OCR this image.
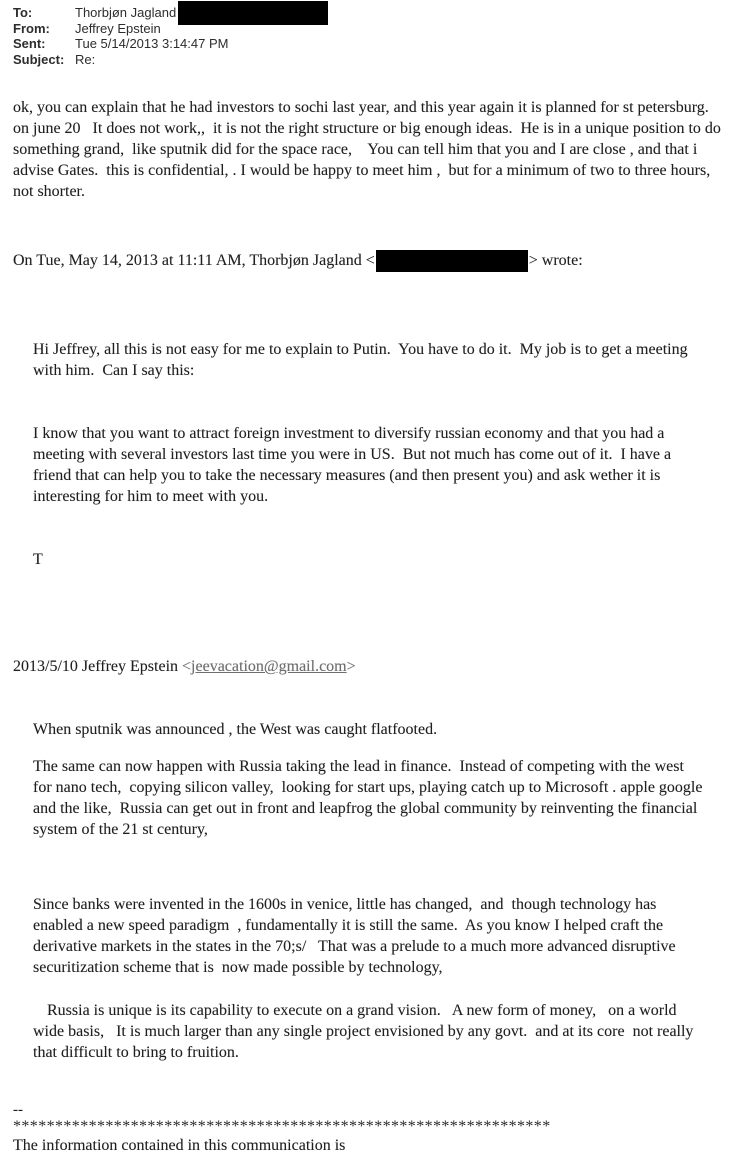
To:	Thorbjøn Jagland
From:	Jeffrey Epstein
Sent:	Tue 5/14/2013 3:14:47 PM
Subject: Re:
ok, you can explain that he had investors to sochi last year, and this year again it is planned for st petersburg.  on june 20   It does not work,,  it is not the right structure or big enough ideas.  He is in a unique position to do something grand,  like sputnik did for the space race,    You can tell him that you and I are close , and that i advise Gates.  this is confidential, . I would be happy to meet him ,  but for a minimum of two to three hours,  not shorter.
On Tue, May 14, 2013 at 11:11 AM, Thorbjøn Jagland <	> wrote:

Hi Jeffrey, all this is not easy for me to explain to Putin.  You have to do it.  My job is to get a meeting with him.  Can I say this:

I know that you want to attract foreign investment to diversify russian economy and that you had a meeting with several investors last time you were in US.  But not much has come out of it.  I have a friend that can help you to take the necessary measures (and then present you) and ask wether it is interesting for him to meet with you.

T

2013/5/10 Jeffrey Epstein <jeevacation@gmail.com>
When sputnik was announced , the West was caught flatfooted.
The same can now happen with Russia taking the lead in finance.  Instead of competing with the west for nano tech,  copying silicon valley,  looking for start ups, playing catch up to Microsoft . apple google and the like,  Russia can get out in front and leapfrog the global community by reinventing the financial system of the 21 st century,
Since banks were invented in the 1600s in venice, little has changed,  and  though technology has enabled a new speed paradigm  , fundamentally it is still the same.  As you know I helped craft the derivative markets in the states in the 70;s/   That was a prelude to a much more advanced disruptive securitization scheme that is  now made possible by technology,
Russia is unique is its capability to execute on a grand vision.   A new form of money,   on a world wide basis,   It is much larger than any single project envisioned by any govt.  and at its core  not really that difficult to bring to fruition.
--
****************************************************************
The information contained in this communication is
